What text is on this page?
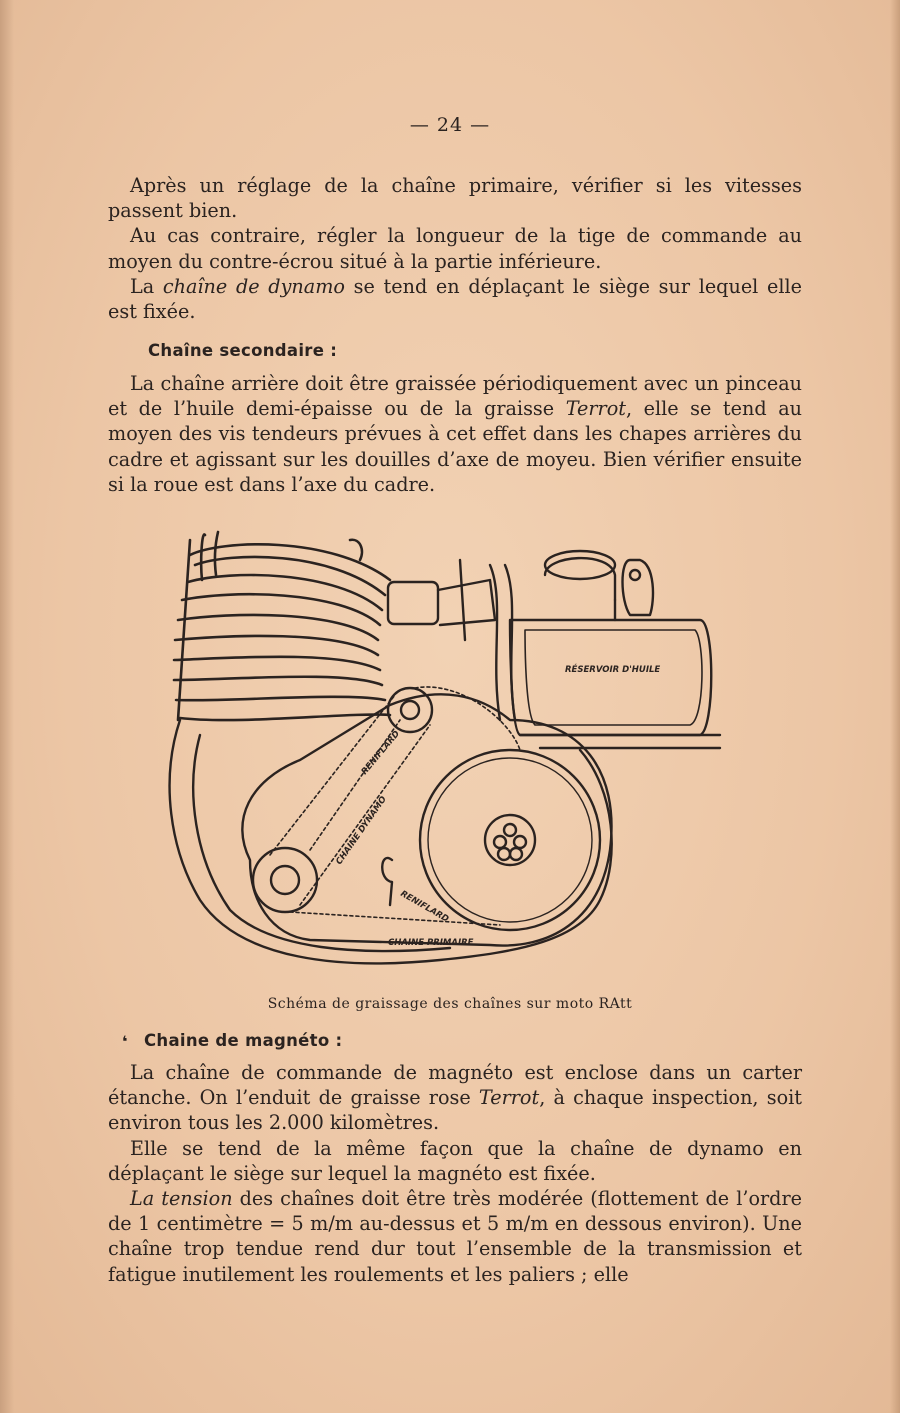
— 24 —

Après un réglage de la chaîne primaire, vérifier si les vitesses passent bien.

Au cas contraire, régler la longueur de la tige de commande au moyen du contre-écrou situé à la partie inférieure.

La chaîne de dynamo se tend en déplaçant le siège sur lequel elle est fixée.

Chaîne secondaire :

La chaîne arrière doit être graissée périodiquement avec un pinceau et de l’huile demi-épaisse ou de la graisse Terrot, elle se tend au moyen des vis tendeurs prévues à cet effet dans les chapes arrières du cadre et agissant sur les douilles d’axe de moyeu. Bien vérifier ensuite si la roue est dans l’axe du cadre.

RÉSERVOIR D'HUILE
RENIFLARD
CHAINE DYNAMO
RENIFLARD
CHAINE PRIMAIRE
Schéma de graissage des chaînes sur moto RAtt
❛ Chaine de magnéto :

La chaîne de commande de magnéto est enclose dans un carter étanche. On l’enduit de graisse rose Terrot, à chaque inspection, soit environ tous les 2.000 kilomètres.

Elle se tend de la même façon que la chaîne de dynamo en déplaçant le siège sur lequel la magnéto est fixée.

La tension des chaînes doit être très modérée (flottement de l’ordre de 1 centimètre = 5 m/m au-dessus et 5 m/m en dessous environ). Une chaîne trop tendue rend dur tout l’ensemble de la transmission et fatigue inutilement les roulements et les paliers ; elle
